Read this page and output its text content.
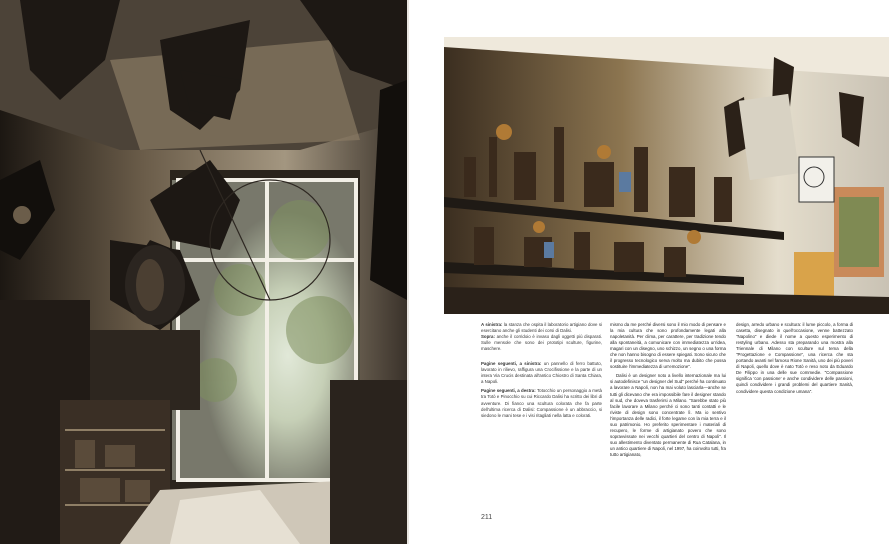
A sinistra: la stanza che ospita il laboratorio artigiano dove si esercitano anche gli studenti dei corsi di Dalisi.

Sopra: anche il corridoio è invaso dagli oggetti più disparati. Sulle mensole che sono dei prototipi sculture, figurine, maschere.

Pagine seguenti, a sinistra: un pannello di ferro battuto, lavorato in rilievo, raffigura una Crocifissione e la parte di un intera Via Crucis destinata all'antico Chiostro di Santa Chiara, a Napoli.

Pagine seguenti, a destra: Totocchio un personaggio a metà tra Totò e Pinocchio su cui Riccardo Dalisi ha scritto dei libri di avventure. Di fianco una scultura colorata che fa parte dell'ultima ricerca di Dalisi: Compassione è un abbraccio, si siedono le mani tese e i visi ritagliati nella latta e colorati.

mismo da me perché diversi sono il mio modo di pensare e la mia cultura che sono profondamente legati alla napoletanità. Per clima, per carattere, per tradizione tendo alla spontaneità, a comunicare con immediatezza un'idea, magari con un disegno, uno schizzo, un segno o una forma che non hanno bisogno di essere spiegati. Sono sicuro che il progresso tecnologico serva molto ma dubito che possa sostituire l'immediatezza di un'emozione".

Dalisi è un designer noto a livello internazionale ma lui si autodefinisce "un designer del Sud" perché ha continuato a lavorare a Napoli, non ha mai voluto lasciarla—anche se tutti gli dicevano che era impossibile fare il designer stando al sud, che doveva trasferirsi a Milano. "Sarebbe stato più facile lavorare a Milano perché ci sono tanti contatti e le riviste di design sono concentrate lì. Ma io sentivo l'importanza delle radici, il forte legame con la mia terra e il suo patrimonio. Ho preferito sperimentare i materiali di recupero, le forme di artigianato povero che sono sopravvissute nei vecchi quartieri del centro di Napoli". Il suo allestimento diventato permanente di Rua Catalana, in un antico quartiere di Napoli, nel 1997, ha coinvolto tutti, fra tutto artigianato,

design, arredo urbano e scultura: il lume piccolo, a forma di casetta, disegnato in quell'occasione, venne battezzato "Napolino" e diede il nome a questo esperimento di restyling urbano. Adesso sta preparando una mostra alla Triennale di Milano con sculture sul tema della "Progettazione e Compassione", una ricerca che sta portando avanti nel famoso Rione Sanità, uno dei più poveri di Napoli, quello dove è nato Totò e reso noto da Eduardo De Filippo in una delle sue commedie. "Compassione significa 'con passione' e anche condividere delle passioni, quindi condividere i grandi problemi del quartiere Sanità, condividere questa condizione umana".

211
